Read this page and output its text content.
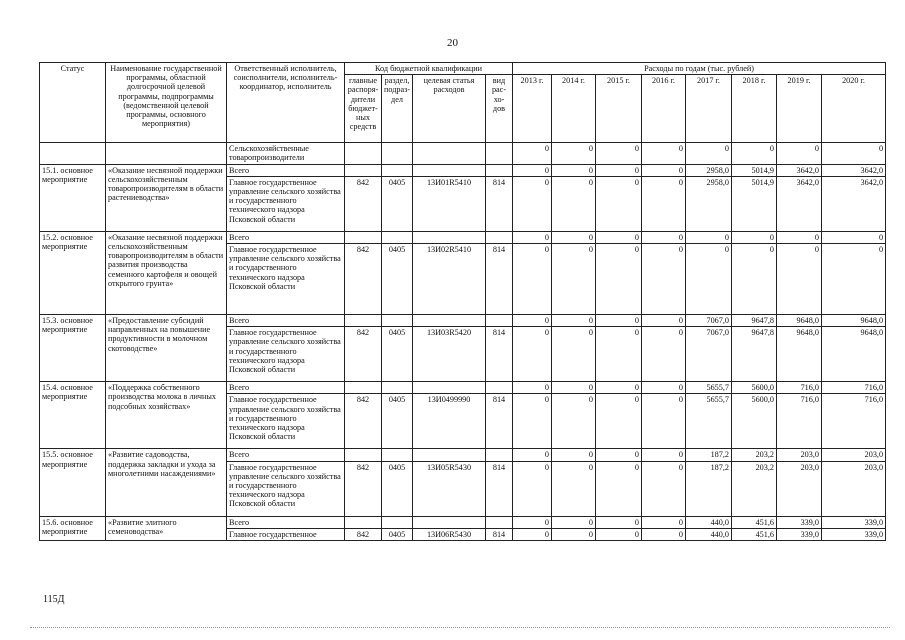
20
Статус	Наименование государственной программы, областной долгосрочной целевой программы, подпрограммы (ведомственной целевой программы, основного мероприятия)	Ответственный исполнитель, соисполнители, исполнитель-координатор, исполнитель	Код бюджетной квалификации				Расходы по годам (тыс. рублей)							
			главные распоря-дители бюджет-ных средств	раздел, подраз-дел	целевая статья расходов	вид рас-хо-дов	2013 г.	2014 г.	2015 г.	2016 г.	2017 г.	2018 г.	2019 г.	2020 г.
		Сельскохозяйственные товаропроизводители					0	0	0	0	0	0	0	0
15.1. основное мероприятие	«Оказание несвязной поддержки сельскохозяйственным товаропроизводителям в области растениеводства»	Всего					0	0	0	0	2958,0	5014,9	3642,0	3642,0
		Главное государственное управление сельского хозяйства и государственного технического надзора Псковской области	842	0405	13И01R5410	814	0	0	0	0	2958,0	5014,9	3642,0	3642,0
15.2. основное мероприятие	«Оказание несвязной поддержки сельскохозяйственным товаропроизводителям в области развития производства семенного картофеля и овощей открытого грунта»	Всего					0	0	0	0	0	0	0	0
		Главное государственное управление сельского хозяйства и государственного технического надзора Псковской области	842	0405	13И02R5410	814	0	0	0	0	0	0	0	0
15.3. основное мероприятие	«Предоставление субсидий направленных на повышение продуктивности в молочном скотоводстве»	Всего					0	0	0	0	7067,0	9647,8	9648,0	9648,0
		Главное государственное управление сельского хозяйства и государственного технического надзора Псковской области	842	0405	13И03R5420	814	0	0	0	0	7067,0	9647,8	9648,0	9648,0
15.4. основное мероприятие	«Поддержка собственного производства молока в личных подсобных хозяйствах»	Всего					0	0	0	0	5655,7	5600,0	716,0	716,0
		Главное государственное управление сельского хозяйства и государственного технического надзора Псковской области	842	0405	13И0499990	814	0	0	0	0	5655,7	5600,0	716,0	716,0
15.5. основное мероприятие	«Развитие садоводства, поддержка закладки и ухода за многолетними насаждениями»	Всего					0	0	0	0	187,2	203,2	203,0	203,0
		Главное государственное управление сельского хозяйства и государственного технического надзора Псковской области	842	0405	13И05R5430	814	0	0	0	0	187,2	203,2	203,0	203,0
15.6. основное мероприятие	«Развитие элитного семеноводства»	Всего					0	0	0	0	440,0	451,6	339,0	339,0
		Главное государственное	842	0405	13И06R5430	814	0	0	0	0	440,0	451,6	339,0	339,0
115Д
